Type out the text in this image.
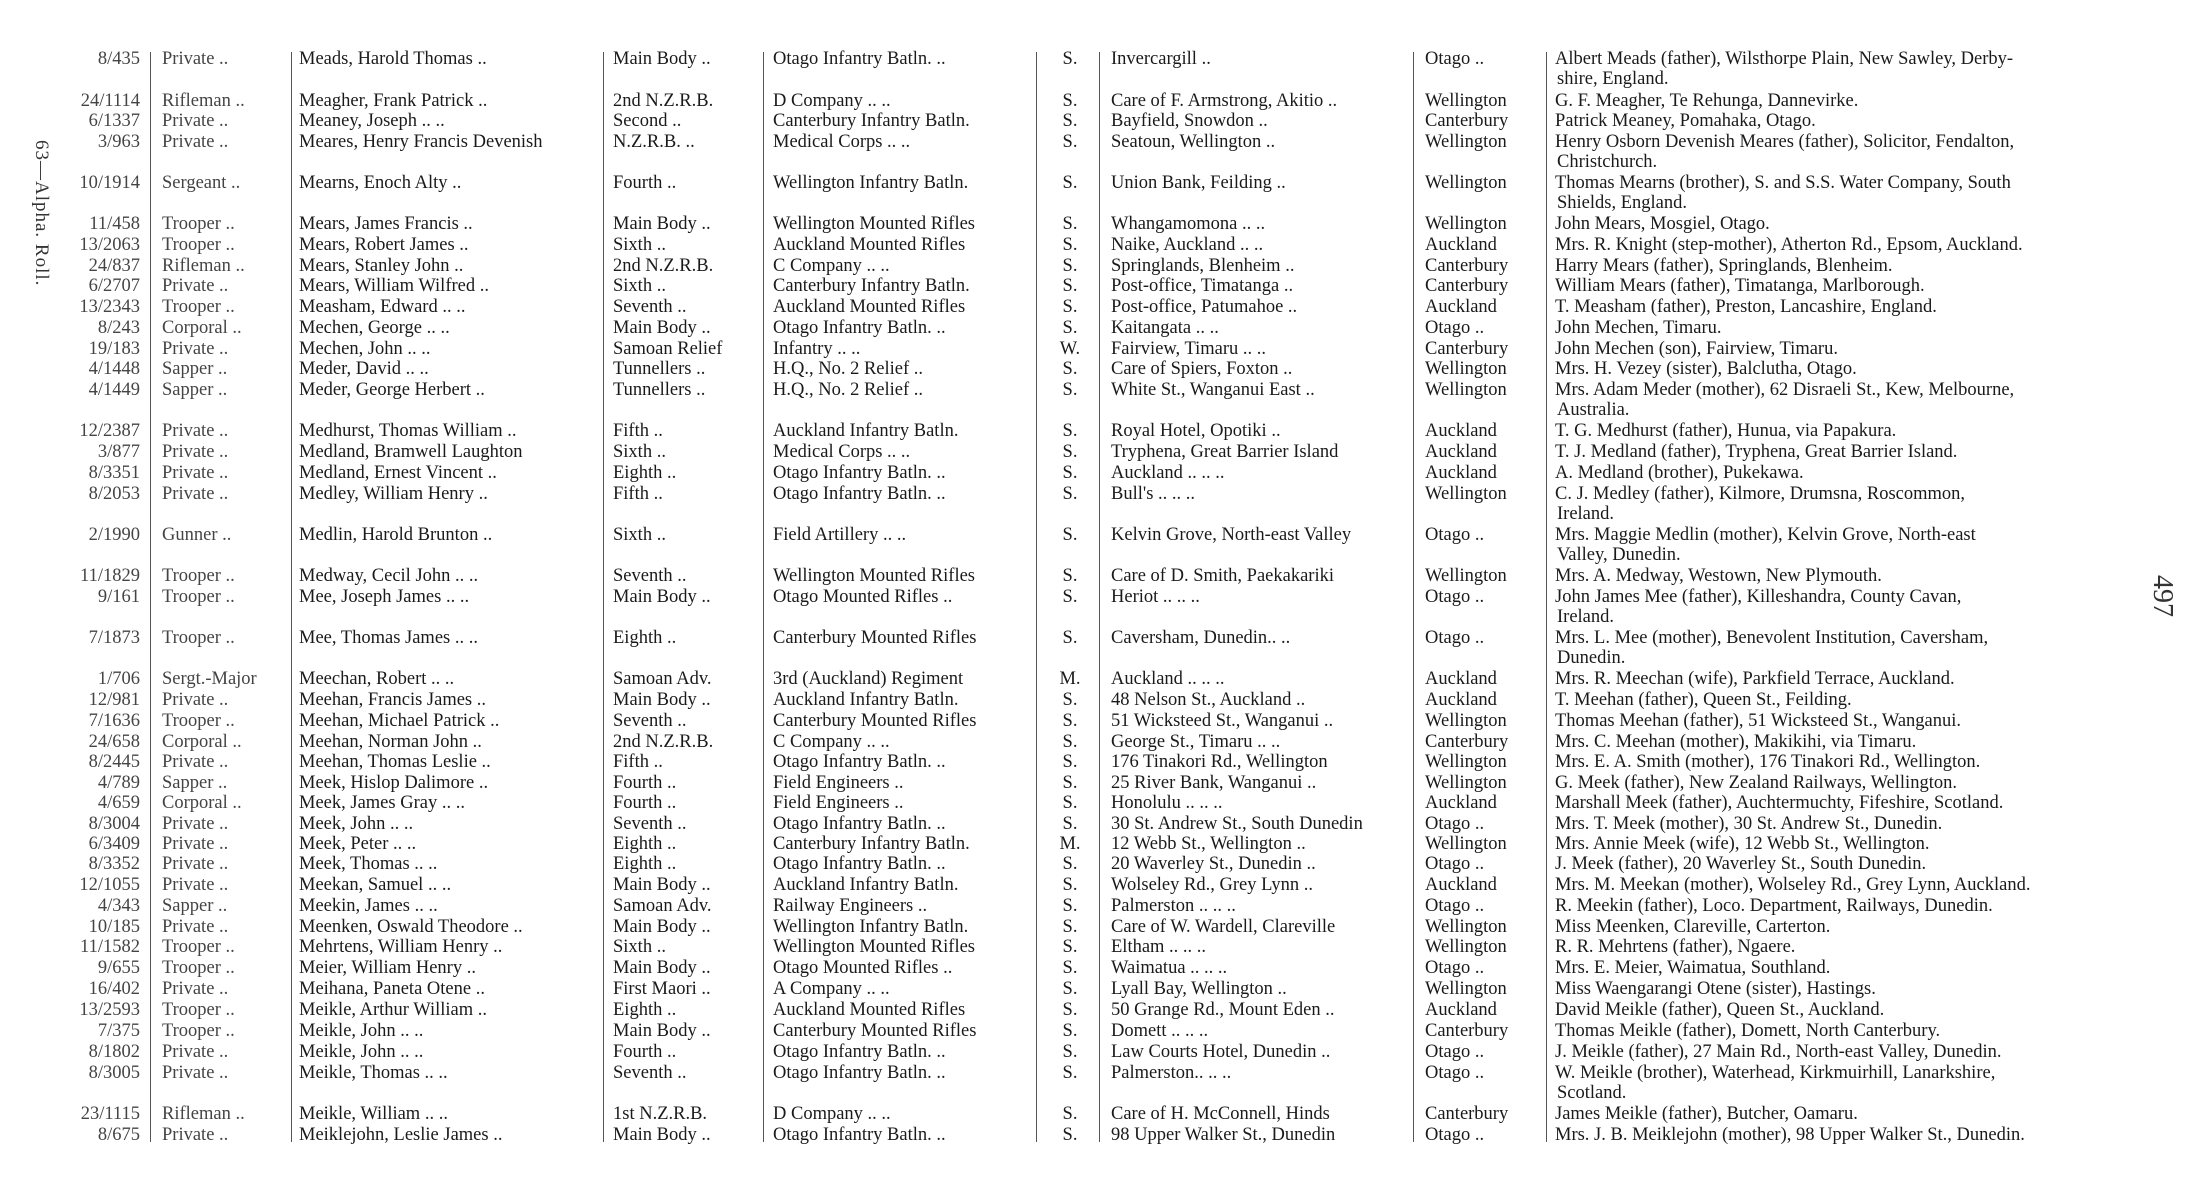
63—Alpha. Roll.
497
8/435 Private ..	Meads, Harold Thomas ..	Main Body ..	Otago Infantry Batln. ..	S.	Invercargill ..	Otago ..	Albert Meads (father), Wilsthorpe Plain, New Sawley, Derby-
shire, England.
24/1114 Rifleman ..	Meagher, Frank Patrick ..	2nd N.Z.R.B.	D Company .. ..	S.	Care of F. Armstrong, Akitio ..	Wellington	G. F. Meagher, Te Rehunga, Dannevirke.
6/1337 Private ..	Meaney, Joseph .. ..	Second ..	Canterbury Infantry Batln.	S.	Bayfield, Snowdon ..	Canterbury	Patrick Meaney, Pomahaka, Otago.
3/963 Private ..	Meares, Henry Francis Devenish	N.Z.R.B. ..	Medical Corps .. ..	S.	Seatoun, Wellington ..	Wellington	Henry Osborn Devenish Meares (father), Solicitor, Fendalton,
Christchurch.
10/1914 Sergeant ..	Mearns, Enoch Alty ..	Fourth ..	Wellington Infantry Batln.	S.	Union Bank, Feilding ..	Wellington	Thomas Mearns (brother), S. and S.S. Water Company, South
Shields, England.
11/458 Trooper ..	Mears, James Francis ..	Main Body ..	Wellington Mounted Rifles	S.	Whangamomona .. ..	Wellington	John Mears, Mosgiel, Otago.
13/2063 Trooper ..	Mears, Robert James ..	Sixth ..	Auckland Mounted Rifles	S.	Naike, Auckland .. ..	Auckland	Mrs. R. Knight (step-mother), Atherton Rd., Epsom, Auckland.
24/837 Rifleman ..	Mears, Stanley John ..	2nd N.Z.R.B.	C Company .. ..	S.	Springlands, Blenheim ..	Canterbury	Harry Mears (father), Springlands, Blenheim.
6/2707 Private ..	Mears, William Wilfred ..	Sixth ..	Canterbury Infantry Batln.	S.	Post-office, Timatanga ..	Canterbury	William Mears (father), Timatanga, Marlborough.
13/2343 Trooper ..	Measham, Edward .. ..	Seventh ..	Auckland Mounted Rifles	S.	Post-office, Patumahoe ..	Auckland	T. Measham (father), Preston, Lancashire, England.
8/243 Corporal ..	Mechen, George .. ..	Main Body ..	Otago Infantry Batln. ..	S.	Kaitangata .. ..	Otago ..	John Mechen, Timaru.
19/183 Private ..	Mechen, John .. ..	Samoan Relief	Infantry .. ..	W. Fairview, Timaru .. ..	Canterbury	John Mechen (son), Fairview, Timaru.
4/1448 Sapper ..	Meder, David .. ..	Tunnellers ..	H.Q., No. 2 Relief ..	S.	Care of Spiers, Foxton ..	Wellington	Mrs. H. Vezey (sister), Balclutha, Otago.
4/1449 Sapper ..	Meder, George Herbert ..	Tunnellers ..	H.Q., No. 2 Relief ..	S.	White St., Wanganui East ..	Wellington	Mrs. Adam Meder (mother), 62 Disraeli St., Kew, Melbourne,
Australia.
12/2387 Private ..	Medhurst, Thomas William ..	Fifth ..	Auckland Infantry Batln.	S.	Royal Hotel, Opotiki ..	Auckland	T. G. Medhurst (father), Hunua, via Papakura.
3/877 Private ..	Medland, Bramwell Laughton	Sixth ..	Medical Corps .. ..	S.	Tryphena, Great Barrier Island	Auckland	T. J. Medland (father), Tryphena, Great Barrier Island.
8/3351 Private ..	Medland, Ernest Vincent ..	Eighth ..	Otago Infantry Batln. ..	S.	Auckland .. .. ..	Auckland	A. Medland (brother), Pukekawa.
8/2053 Private ..	Medley, William Henry ..	Fifth ..	Otago Infantry Batln. ..	S.	Bull's .. .. ..	Wellington	C. J. Medley (father), Kilmore, Drumsna, Roscommon,
Ireland.
2/1990 Gunner ..	Medlin, Harold Brunton ..	Sixth ..	Field Artillery .. ..	S.	Kelvin Grove, North-east Valley	Otago ..	Mrs. Maggie Medlin (mother), Kelvin Grove, North-east
Valley, Dunedin.
11/1829 Trooper ..	Medway, Cecil John .. ..	Seventh ..	Wellington Mounted Rifles	S.	Care of D. Smith, Paekakariki	Wellington	Mrs. A. Medway, Westown, New Plymouth.
9/161 Trooper ..	Mee, Joseph James .. ..	Main Body ..	Otago Mounted Rifles ..	S.	Heriot .. .. ..	Otago ..	John James Mee (father), Killeshandra, County Cavan,
Ireland.
7/1873 Trooper ..	Mee, Thomas James .. ..	Eighth ..	Canterbury Mounted Rifles	S.	Caversham, Dunedin.. ..	Otago ..	Mrs. L. Mee (mother), Benevolent Institution, Caversham,
Dunedin.
1/706 Sergt.-Major	Meechan, Robert .. ..	Samoan Adv.	3rd (Auckland) Regiment	M. Auckland .. .. ..	Auckland	Mrs. R. Meechan (wife), Parkfield Terrace, Auckland.
12/981 Private ..	Meehan, Francis James ..	Main Body ..	Auckland Infantry Batln.	S.	48 Nelson St., Auckland ..	Auckland	T. Meehan (father), Queen St., Feilding.
7/1636 Trooper ..	Meehan, Michael Patrick ..	Seventh ..	Canterbury Mounted Rifles	S.	51 Wicksteed St., Wanganui ..	Wellington	Thomas Meehan (father), 51 Wicksteed St., Wanganui.
24/658 Corporal ..	Meehan, Norman John ..	2nd N.Z.R.B.	C Company .. ..	S.	George St., Timaru .. ..	Canterbury	Mrs. C. Meehan (mother), Makikihi, via Timaru.
8/2445 Private ..	Meehan, Thomas Leslie ..	Fifth ..	Otago Infantry Batln. ..	S.	176 Tinakori Rd., Wellington	Wellington	Mrs. E. A. Smith (mother), 176 Tinakori Rd., Wellington.
4/789 Sapper ..	Meek, Hislop Dalimore ..	Fourth ..	Field Engineers ..	S.	25 River Bank, Wanganui ..	Wellington	G. Meek (father), New Zealand Railways, Wellington.
4/659 Corporal ..	Meek, James Gray .. ..	Fourth ..	Field Engineers ..	S.	Honolulu .. .. ..	Auckland	Marshall Meek (father), Auchtermuchty, Fifeshire, Scotland.
8/3004 Private ..	Meek, John .. ..	Seventh ..	Otago Infantry Batln. ..	S.	30 St. Andrew St., South Dunedin	Otago ..	Mrs. T. Meek (mother), 30 St. Andrew St., Dunedin.
6/3409 Private ..	Meek, Peter .. ..	Eighth ..	Canterbury Infantry Batln.	M. 12 Webb St., Wellington ..	Wellington	Mrs. Annie Meek (wife), 12 Webb St., Wellington.
8/3352 Private ..	Meek, Thomas .. ..	Eighth ..	Otago Infantry Batln. ..	S.	20 Waverley St., Dunedin ..	Otago ..	J. Meek (father), 20 Waverley St., South Dunedin.
12/1055 Private ..	Meekan, Samuel .. ..	Main Body ..	Auckland Infantry Batln.	S.	Wolseley Rd., Grey Lynn ..	Auckland	Mrs. M. Meekan (mother), Wolseley Rd., Grey Lynn, Auckland.
4/343 Sapper ..	Meekin, James .. ..	Samoan Adv.	Railway Engineers ..	S.	Palmerston .. .. ..	Otago ..	R. Meekin (father), Loco. Department, Railways, Dunedin.
10/185 Private ..	Meenken, Oswald Theodore ..	Main Body ..	Wellington Infantry Batln.	S.	Care of W. Wardell, Clareville	Wellington	Miss Meenken, Clareville, Carterton.
11/1582 Trooper ..	Mehrtens, William Henry ..	Sixth ..	Wellington Mounted Rifles	S.	Eltham .. .. ..	Wellington	R. R. Mehrtens (father), Ngaere.
9/655 Trooper ..	Meier, William Henry ..	Main Body ..	Otago Mounted Rifles ..	S.	Waimatua .. .. ..	Otago ..	Mrs. E. Meier, Waimatua, Southland.
16/402 Private ..	Meihana, Paneta Otene ..	First Maori ..	A Company .. ..	S.	Lyall Bay, Wellington ..	Wellington	Miss Waengarangi Otene (sister), Hastings.
13/2593 Trooper ..	Meikle, Arthur William ..	Eighth ..	Auckland Mounted Rifles	S.	50 Grange Rd., Mount Eden ..	Auckland	David Meikle (father), Queen St., Auckland.
7/375 Trooper ..	Meikle, John .. ..	Main Body ..	Canterbury Mounted Rifles	S.	Domett .. .. ..	Canterbury	Thomas Meikle (father), Domett, North Canterbury.
8/1802 Private ..	Meikle, John .. ..	Fourth ..	Otago Infantry Batln. ..	S.	Law Courts Hotel, Dunedin ..	Otago ..	J. Meikle (father), 27 Main Rd., North-east Valley, Dunedin.
8/3005 Private ..	Meikle, Thomas .. ..	Seventh ..	Otago Infantry Batln. ..	S.	Palmerston.. .. ..	Otago ..	W. Meikle (brother), Waterhead, Kirkmuirhill, Lanarkshire,
Scotland.
23/1115 Rifleman ..	Meikle, William .. ..	1st N.Z.R.B.	D Company .. ..	S.	Care of H. McConnell, Hinds	Canterbury	James Meikle (father), Butcher, Oamaru.
8/675 Private ..	Meiklejohn, Leslie James ..	Main Body ..	Otago Infantry Batln. ..	S.	98 Upper Walker St., Dunedin	Otago ..	Mrs. J. B. Meiklejohn (mother), 98 Upper Walker St., Dunedin.
